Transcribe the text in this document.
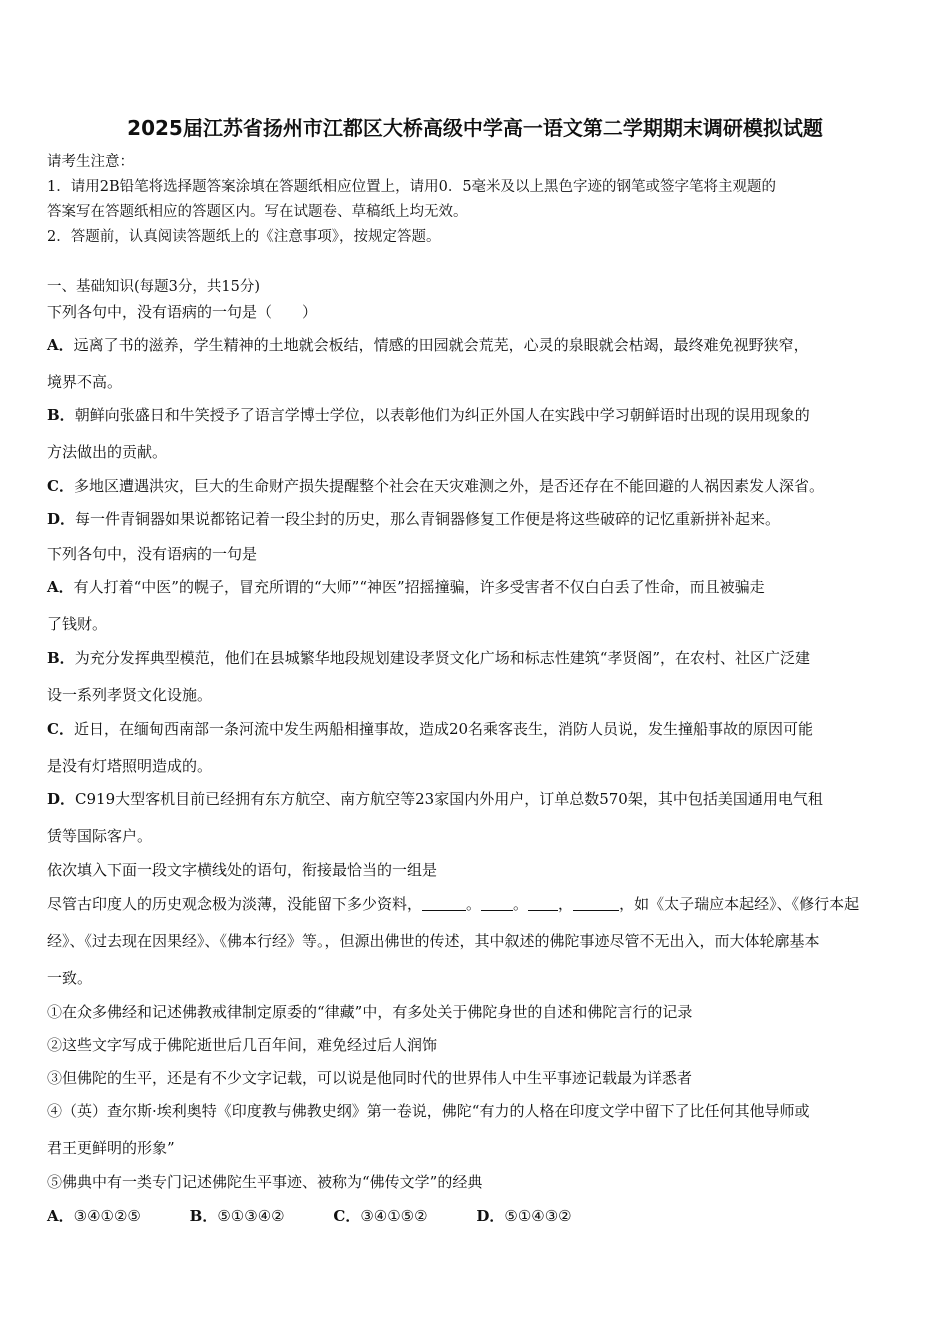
2025届江苏省扬州市江都区大桥高级中学高一语文第二学期期末调研模拟试题
请考生注意：
1．请用2B铅笔将选择题答案涂填在答题纸相应位置上，请用0．5毫米及以上黑色字迹的钢笔或签字笔将主观题的
答案写在答题纸相应的答题区内。写在试题卷、草稿纸上均无效。
2．答题前，认真阅读答题纸上的《注意事项》，按规定答题。
一、基础知识(每题3分，共15分)
下列各句中，没有语病的一句是（　　）
A．远离了书的滋养，学生精神的土地就会板结，情感的田园就会荒芜，心灵的泉眼就会枯竭，最终难免视野狭窄，
境界不高。
B．朝鲜向张盛日和牛笑授予了语言学博士学位，以表彰他们为纠正外国人在实践中学习朝鲜语时出现的误用现象的
方法做出的贡献。
C．多地区遭遇洪灾，巨大的生命财产损失提醒整个社会在天灾难测之外，是否还存在不能回避的人祸因素发人深省。
D．每一件青铜器如果说都铭记着一段尘封的历史，那么青铜器修复工作便是将这些破碎的记忆重新拼补起来。
下列各句中，没有语病的一句是
A．有人打着“中医”的幌子，冒充所谓的“大师”“神医”招摇撞骗，许多受害者不仅白白丢了性命，而且被骗走
了钱财。
B．为充分发挥典型模范，他们在县城繁华地段规划建设孝贤文化广场和标志性建筑“孝贤阁”，在农村、社区广泛建
设一系列孝贤文化设施。
C．近日，在缅甸西南部一条河流中发生两船相撞事故，造成20名乘客丧生，消防人员说，发生撞船事故的原因可能
是没有灯塔照明造成的。
D．C919大型客机目前已经拥有东方航空、南方航空等23家国内外用户，订单总数570架，其中包括美国通用电气租
赁等国际客户。
依次填入下面一段文字横线处的语句，衔接最恰当的一组是
尽管古印度人的历史观念极为淡薄，没能留下多少资料，	。 。 ，	，如《太子瑞应本起经》、《修行本起
经》、《过去现在因果经》、《佛本行经》等。，但源出佛世的传述，其中叙述的佛陀事迹尽管不无出入，而大体轮廓基本
一致。
①在众多佛经和记述佛教戒律制定原委的“律藏”中，有多处关于佛陀身世的自述和佛陀言行的记录
②这些文字写成于佛陀逝世后几百年间，难免经过后人润饰
③但佛陀的生平，还是有不少文字记载，可以说是他同时代的世界伟人中生平事迹记载最为详悉者
④（英）查尔斯·埃利奥特《印度教与佛教史纲》第一卷说，佛陀“有力的人格在印度文学中留下了比任何其他导师或
君王更鲜明的形象”
⑤佛典中有一类专门记述佛陀生平事迹、被称为“佛传文学”的经典
A．③④①②⑤	B．⑤①③④②	C．③④①⑤②	D．⑤①④③②
